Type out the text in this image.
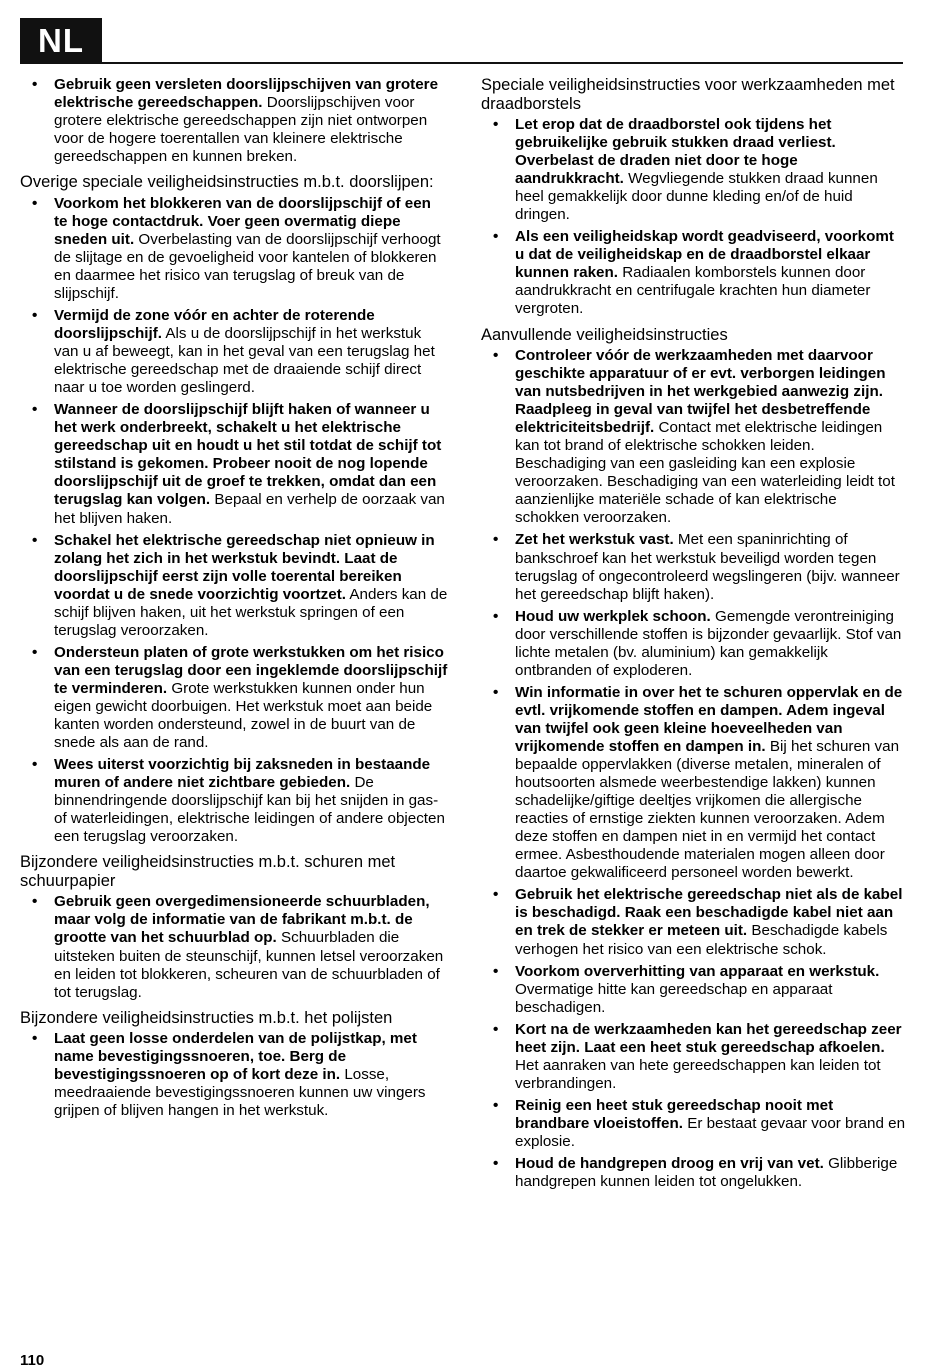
NL
• Gebruik geen versleten doorslijpschijven van grotere elektrische gereedschappen. Doorslijpschijven voor grotere elektrische gereedschappen zijn niet ontworpen voor de hogere toerentallen van kleinere elektrische gereedschappen en kunnen breken.
Overige speciale veiligheidsinstructies m.b.t. doorslijpen:
• Voorkom het blokkeren van de doorslijpschijf of een te hoge contactdruk. Voer geen overmatig diepe sneden uit. Overbelasting van de doorslijpschijf verhoogt de slijtage en de gevoeligheid voor kantelen of blokkeren en daarmee het risico van terugslag of breuk van de slijpschijf.
• Vermijd de zone vóór en achter de roterende doorslijpschijf. Als u de doorslijpschijf in het werkstuk van u af beweegt, kan in het geval van een terugslag het elektrische gereedschap met de draaiende schijf direct naar u toe worden geslingerd.
• Wanneer de doorslijpschijf blijft haken of wanneer u het werk onderbreekt, schakelt u het elektrische gereedschap uit en houdt u het stil totdat de schijf tot stilstand is gekomen. Probeer nooit de nog lopende doorslijpschijf uit de groef te trekken, omdat dan een terugslag kan volgen. Bepaal en verhelp de oorzaak van het blijven haken.
• Schakel het elektrische gereedschap niet opnieuw in zolang het zich in het werkstuk bevindt. Laat de doorslijpschijf eerst zijn volle toerental bereiken voordat u de snede voorzichtig voortzet. Anders kan de schijf blijven haken, uit het werkstuk springen of een terugslag veroorzaken.
• Ondersteun platen of grote werkstukken om het risico van een terugslag door een ingeklemde doorslijpschijf te verminderen. Grote werkstukken kunnen onder hun eigen gewicht doorbuigen. Het werkstuk moet aan beide kanten worden ondersteund, zowel in de buurt van de snede als aan de rand.
• Wees uiterst voorzichtig bij zaksneden in bestaande muren of andere niet zichtbare gebieden. De binnendringende doorslijpschijf kan bij het snijden in gas- of waterleidingen, elektrische leidingen of andere objecten een terugslag veroorzaken.
Bijzondere veiligheidsinstructies m.b.t. schuren met schuurpapier
• Gebruik geen overgedimensioneerde schuurbladen, maar volg de informatie van de fabrikant m.b.t. de grootte van het schuurblad op. Schuurbladen die uitsteken buiten de steunschijf, kunnen letsel veroorzaken en leiden tot blokkeren, scheuren van de schuurbladen of tot terugslag.
Bijzondere veiligheidsinstructies m.b.t. het polijsten
• Laat geen losse onderdelen van de polijstkap, met name bevestigingssnoeren, toe. Berg de bevestigingssnoeren op of kort deze in. Losse, meedraaiende bevestigingssnoeren kunnen uw vingers grijpen of blijven hangen in het werkstuk.
Speciale veiligheidsinstructies voor werkzaamheden met draadborstels
• Let erop dat de draadborstel ook tijdens het gebruikelijke gebruik stukken draad verliest. Overbelast de draden niet door te hoge aandrukkracht. Wegvliegende stukken draad kunnen heel gemakkelijk door dunne kleding en/of de huid dringen.
• Als een veiligheidskap wordt geadviseerd, voorkomt u dat de veiligheidskap en de draadborstel elkaar kunnen raken. Radiaalen komborstels kunnen door aandrukkracht en centrifugale krachten hun diameter vergroten.
Aanvullende veiligheidsinstructies
• Controleer vóór de werkzaamheden met daarvoor geschikte apparatuur of er evt. verborgen leidingen van nutsbedrijven in het werkgebied aanwezig zijn. Raadpleeg in geval van twijfel het desbetreffende elektriciteitsbedrijf. Contact met elektrische leidingen kan tot brand of elektrische schokken leiden. Beschadiging van een gasleiding kan een explosie veroorzaken. Beschadiging van een waterleiding leidt tot aanzienlijke materiële schade of kan elektrische schokken veroorzaken.
• Zet het werkstuk vast. Met een spaninrichting of bankschroef kan het werkstuk beveiligd worden tegen terugslag of ongecontroleerd wegslingeren (bijv. wanneer het gereedschap blijft haken).
• Houd uw werkplek schoon. Gemengde verontreiniging door verschillende stoffen is bijzonder gevaarlijk. Stof van lichte metalen (bv. aluminium) kan gemakkelijk ontbranden of exploderen.
• Win informatie in over het te schuren oppervlak en de evtl. vrijkomende stoffen en dampen. Adem ingeval van twijfel ook geen kleine hoeveelheden van vrijkomende stoffen en dampen in. Bij het schuren van bepaalde oppervlakken (diverse metalen, mineralen of houtsoorten alsmede weerbestendige lakken) kunnen schadelijke/giftige deeltjes vrijkomen die allergische reacties of ernstige ziekten kunnen veroorzaken. Adem deze stoffen en dampen niet in en vermijd het contact ermee. Asbesthoudende materialen mogen alleen door daartoe gekwalificeerd personeel worden bewerkt.
• Gebruik het elektrische gereedschap niet als de kabel is beschadigd. Raak een beschadigde kabel niet aan en trek de stekker er meteen uit. Beschadigde kabels verhogen het risico van een elektrische schok.
• Voorkom oververhitting van apparaat en werkstuk. Overmatige hitte kan gereedschap en apparaat beschadigen.
• Kort na de werkzaamheden kan het gereedschap zeer heet zijn. Laat een heet stuk gereedschap afkoelen. Het aanraken van hete gereedschappen kan leiden tot verbrandingen.
• Reinig een heet stuk gereedschap nooit met brandbare vloeistoffen. Er bestaat gevaar voor brand en explosie.
• Houd de handgrepen droog en vrij van vet. Glibberige handgrepen kunnen leiden tot ongelukken.
110
